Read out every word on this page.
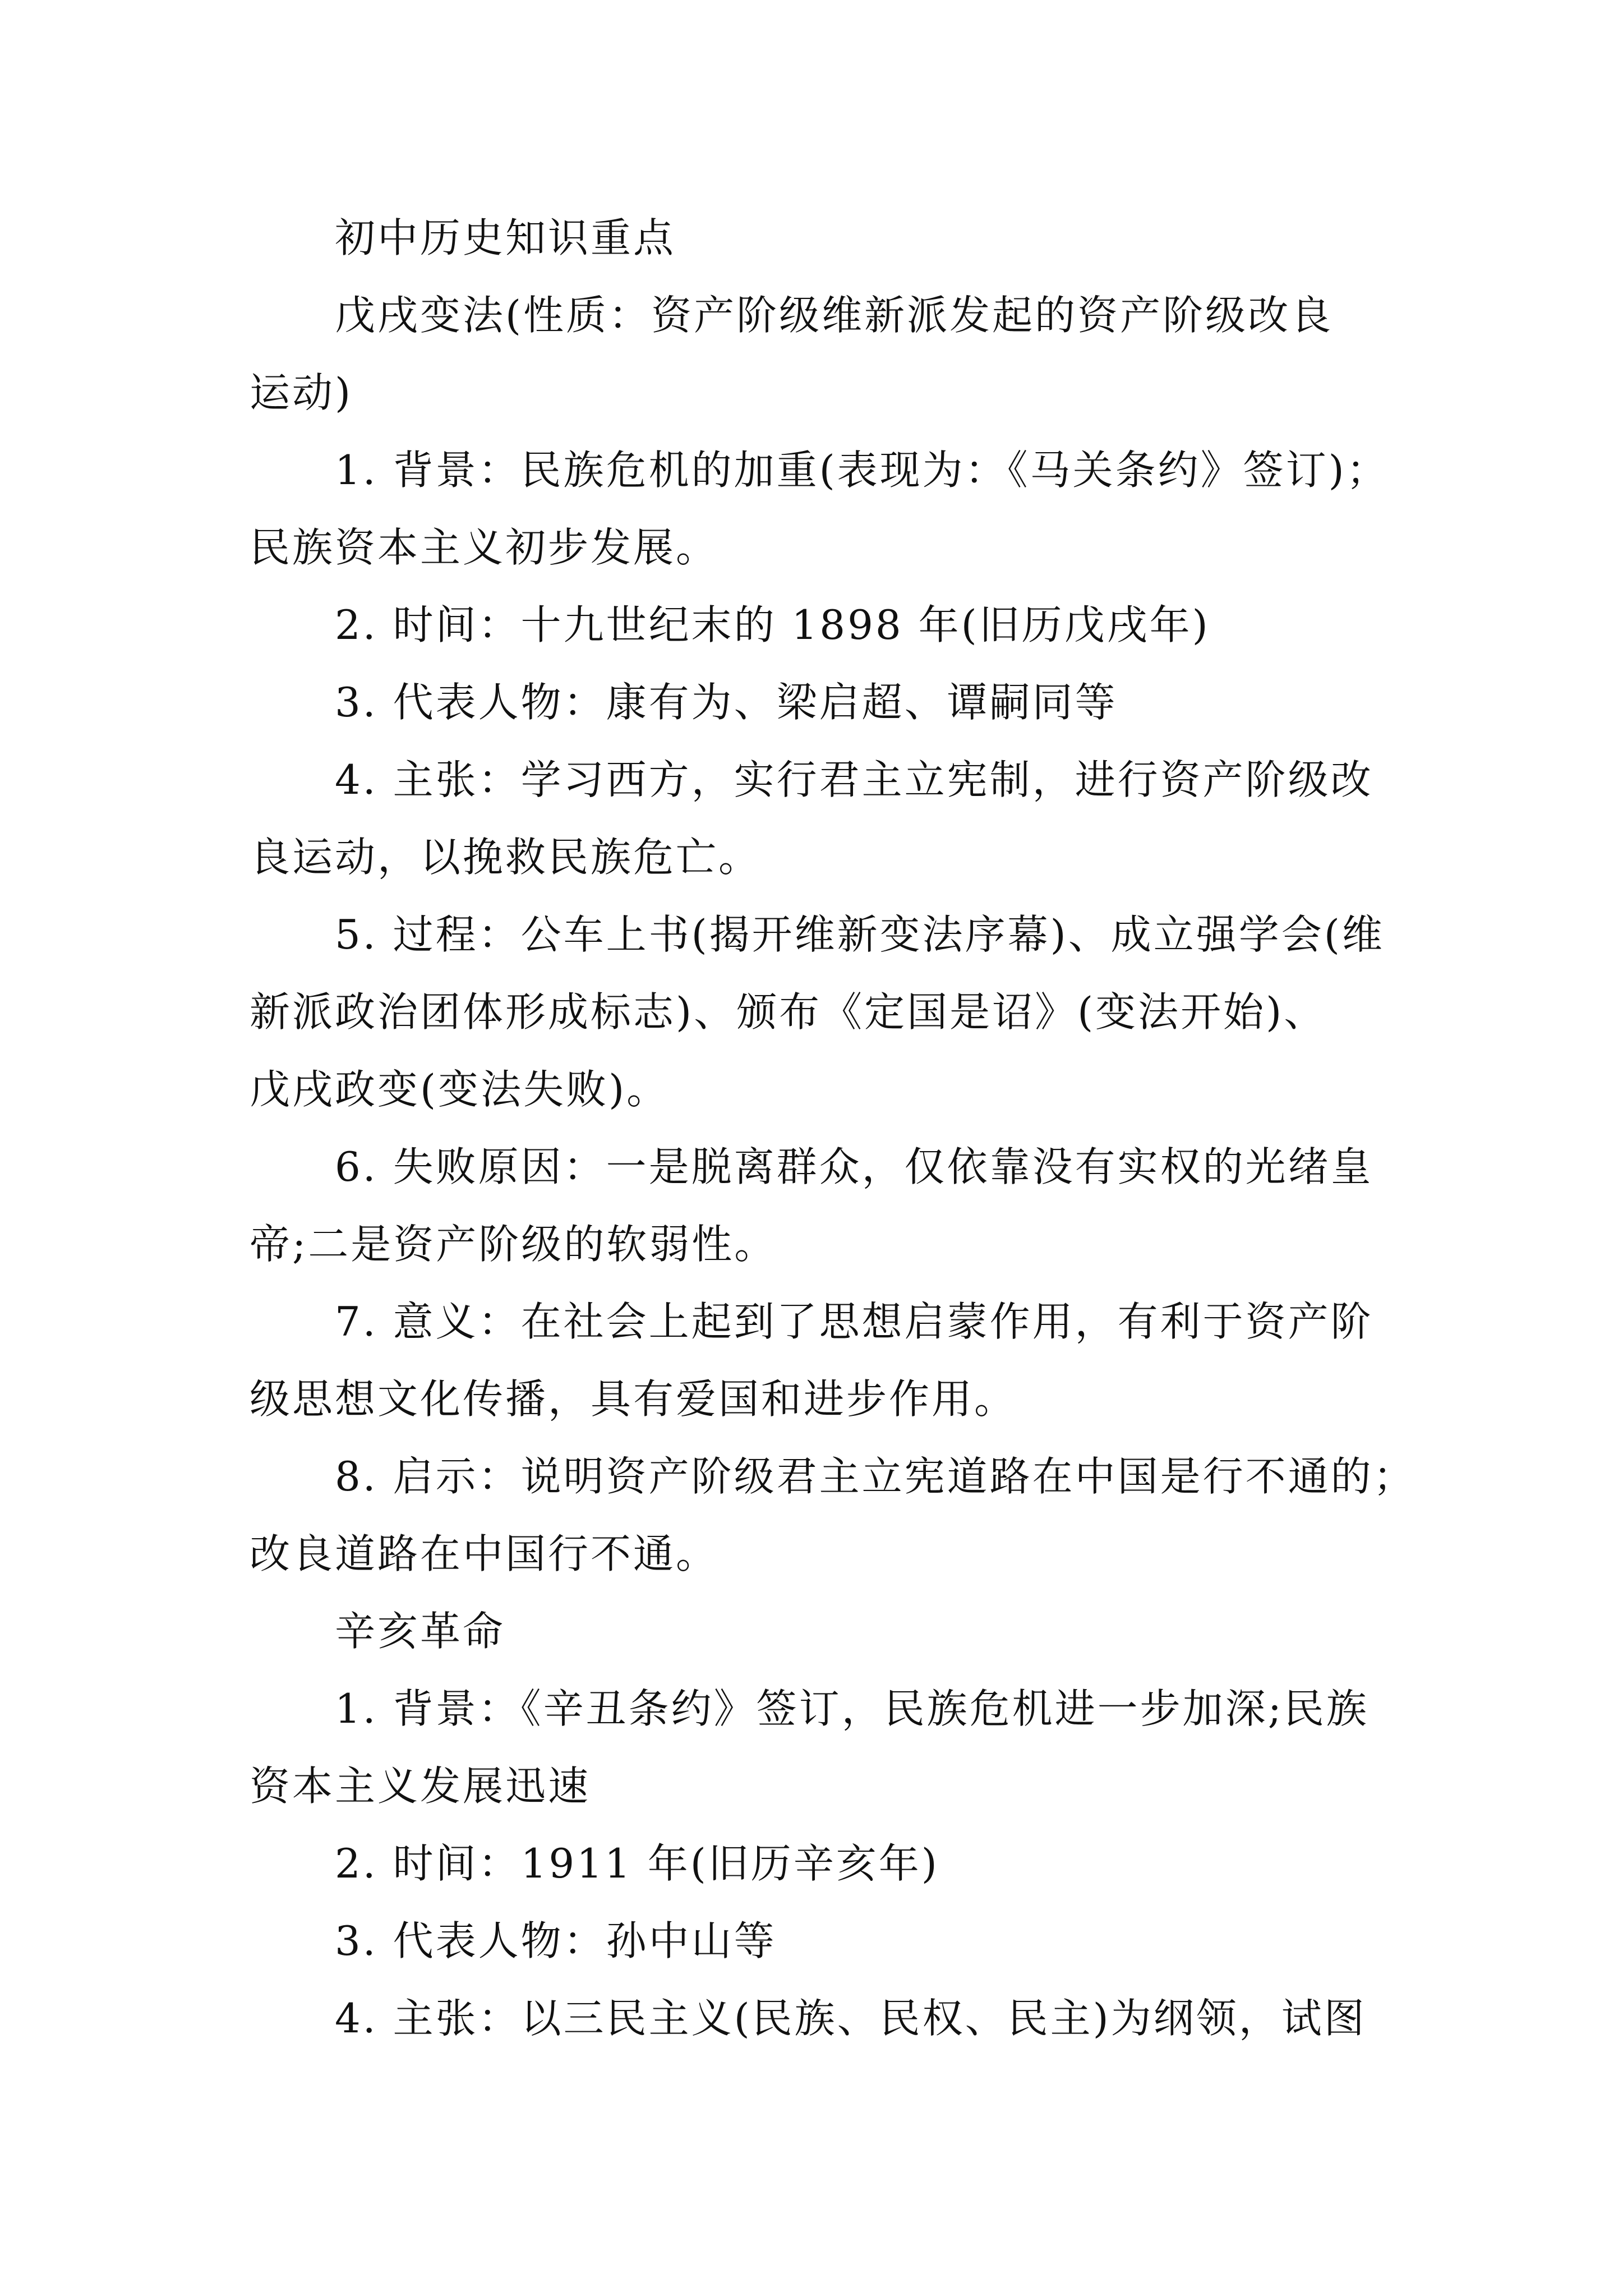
初中历史知识重点
戊戌变法(性质：资产阶级维新派发起的资产阶级改良
运动)
1. 背景：民族危机的加重(表现为：《马关条约》签订)；
民族资本主义初步发展。
2. 时间：十九世纪末的 1898 年(旧历戊戌年)
3. 代表人物：康有为、梁启超、谭嗣同等
4. 主张：学习西方，实行君主立宪制，进行资产阶级改
良运动，以挽救民族危亡。
5. 过程：公车上书(揭开维新变法序幕)、成立强学会(维
新派政治团体形成标志)、颁布《定国是诏》(变法开始)、
戊戌政变(变法失败)。
6. 失败原因：一是脱离群众，仅依靠没有实权的光绪皇
帝;二是资产阶级的软弱性。
7. 意义：在社会上起到了思想启蒙作用，有利于资产阶
级思想文化传播，具有爱国和进步作用。
8. 启示：说明资产阶级君主立宪道路在中国是行不通的；
改良道路在中国行不通。
辛亥革命
1. 背景：《辛丑条约》签订，民族危机进一步加深;民族
资本主义发展迅速
2. 时间：1911 年(旧历辛亥年)
3. 代表人物：孙中山等
4. 主张：以三民主义(民族、民权、民主)为纲领，试图
